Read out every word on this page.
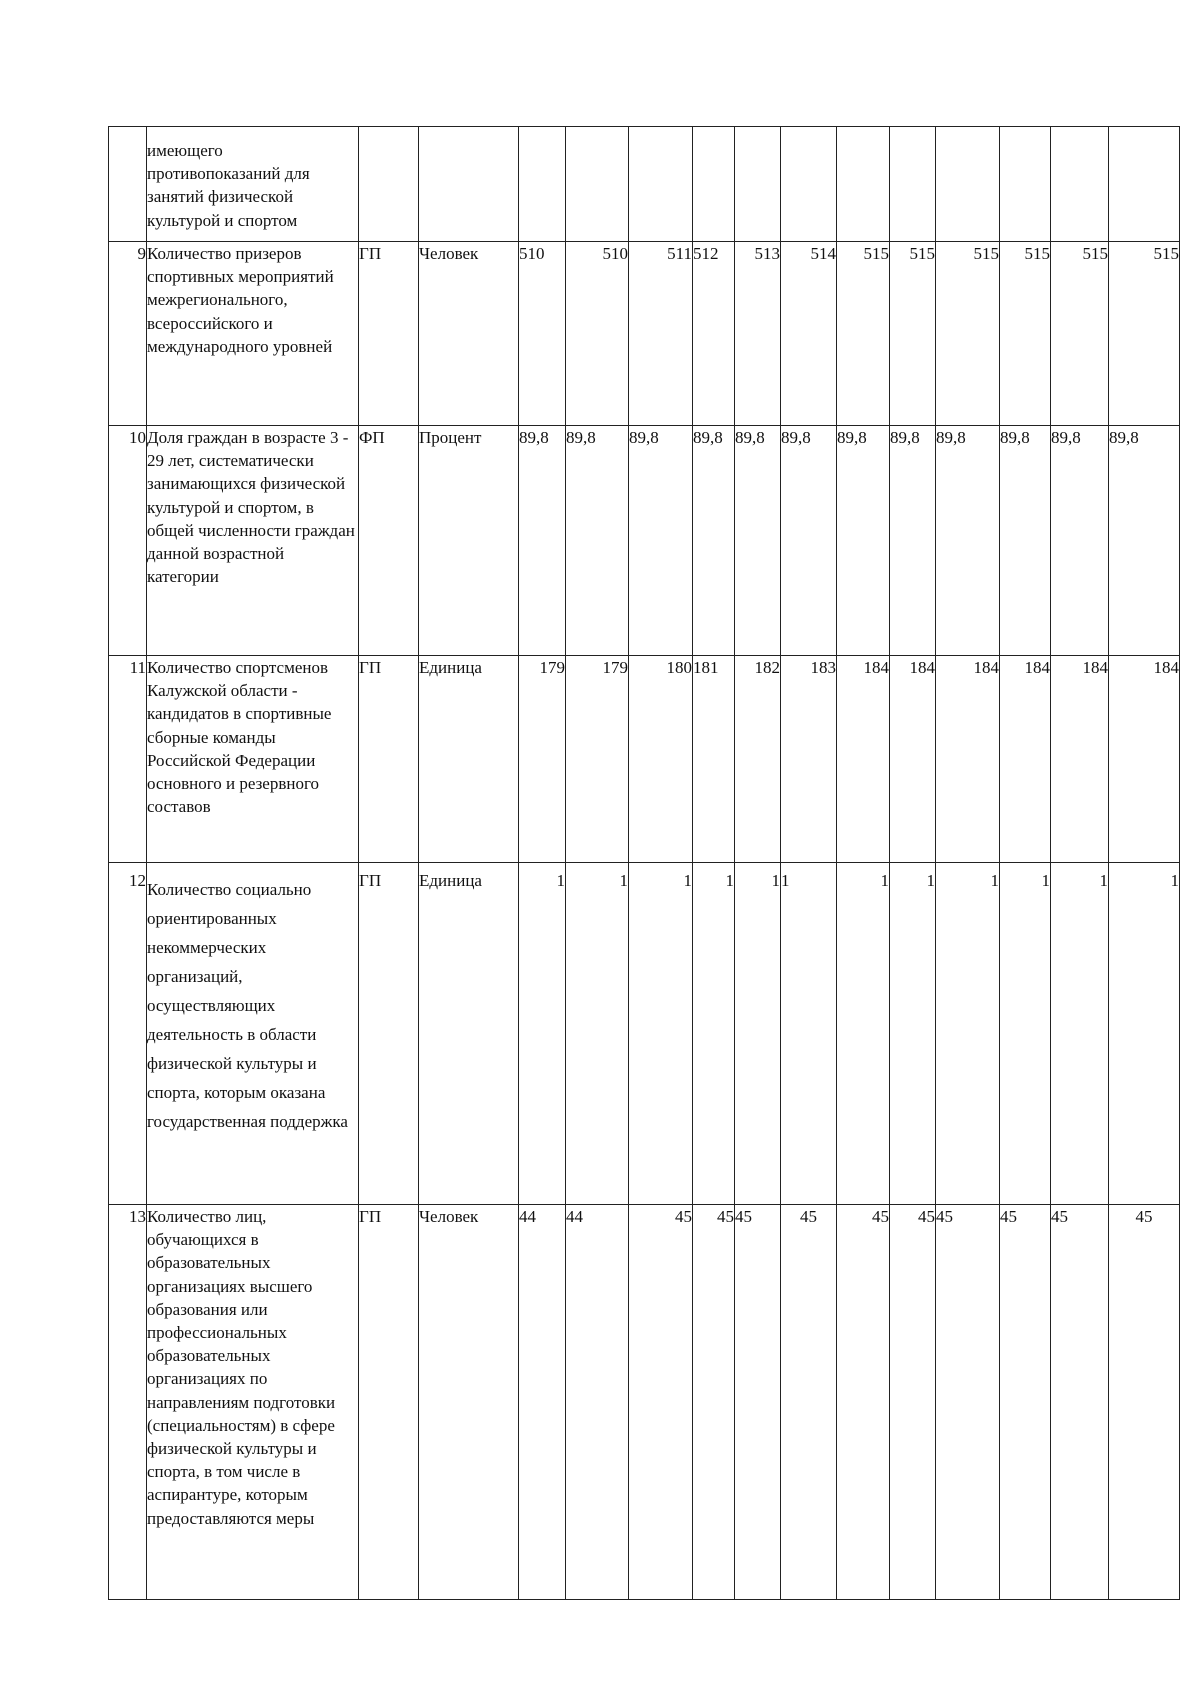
	имеющего противопоказаний для занятий физической культурой и спортом														
9	Количество призеров спортивных мероприятий межрегионального, всероссийского и международного уровней	ГП	Человек	510	510	511	512	513	514	515	515	515	515	515	515
10	Доля граждан в возрасте 3 - 29 лет, систематически занимающихся физической культурой и спортом, в общей численности граждан данной возрастной категории	ФП	Процент	89,8	89,8	89,8	89,8	89,8	89,8	89,8	89,8	89,8	89,8	89,8	89,8
11	Количество спортсменов Калужской области - кандидатов в спортивные сборные команды Российской Федерации основного и резервного составов	ГП	Единица	179	179	180	181	182	183	184	184	184	184	184	184
12	Количество социально ориентированных некоммерческих организаций, осуществляющих деятельность в области физической культуры и спорта, которым оказана государственная поддержка	ГП	Единица	1	1	1	1	1	1	1	1	1	1	1	1
13	Количество лиц, обучающихся в образовательных организациях высшего образования или профессиональных образовательных организациях по направлениям подготовки (специальностям) в сфере физической культуры и спорта, в том числе в аспирантуре, которым предоставляются меры	ГП	Человек	44	44	45	45	45	45	45	45	45	45	45	45
